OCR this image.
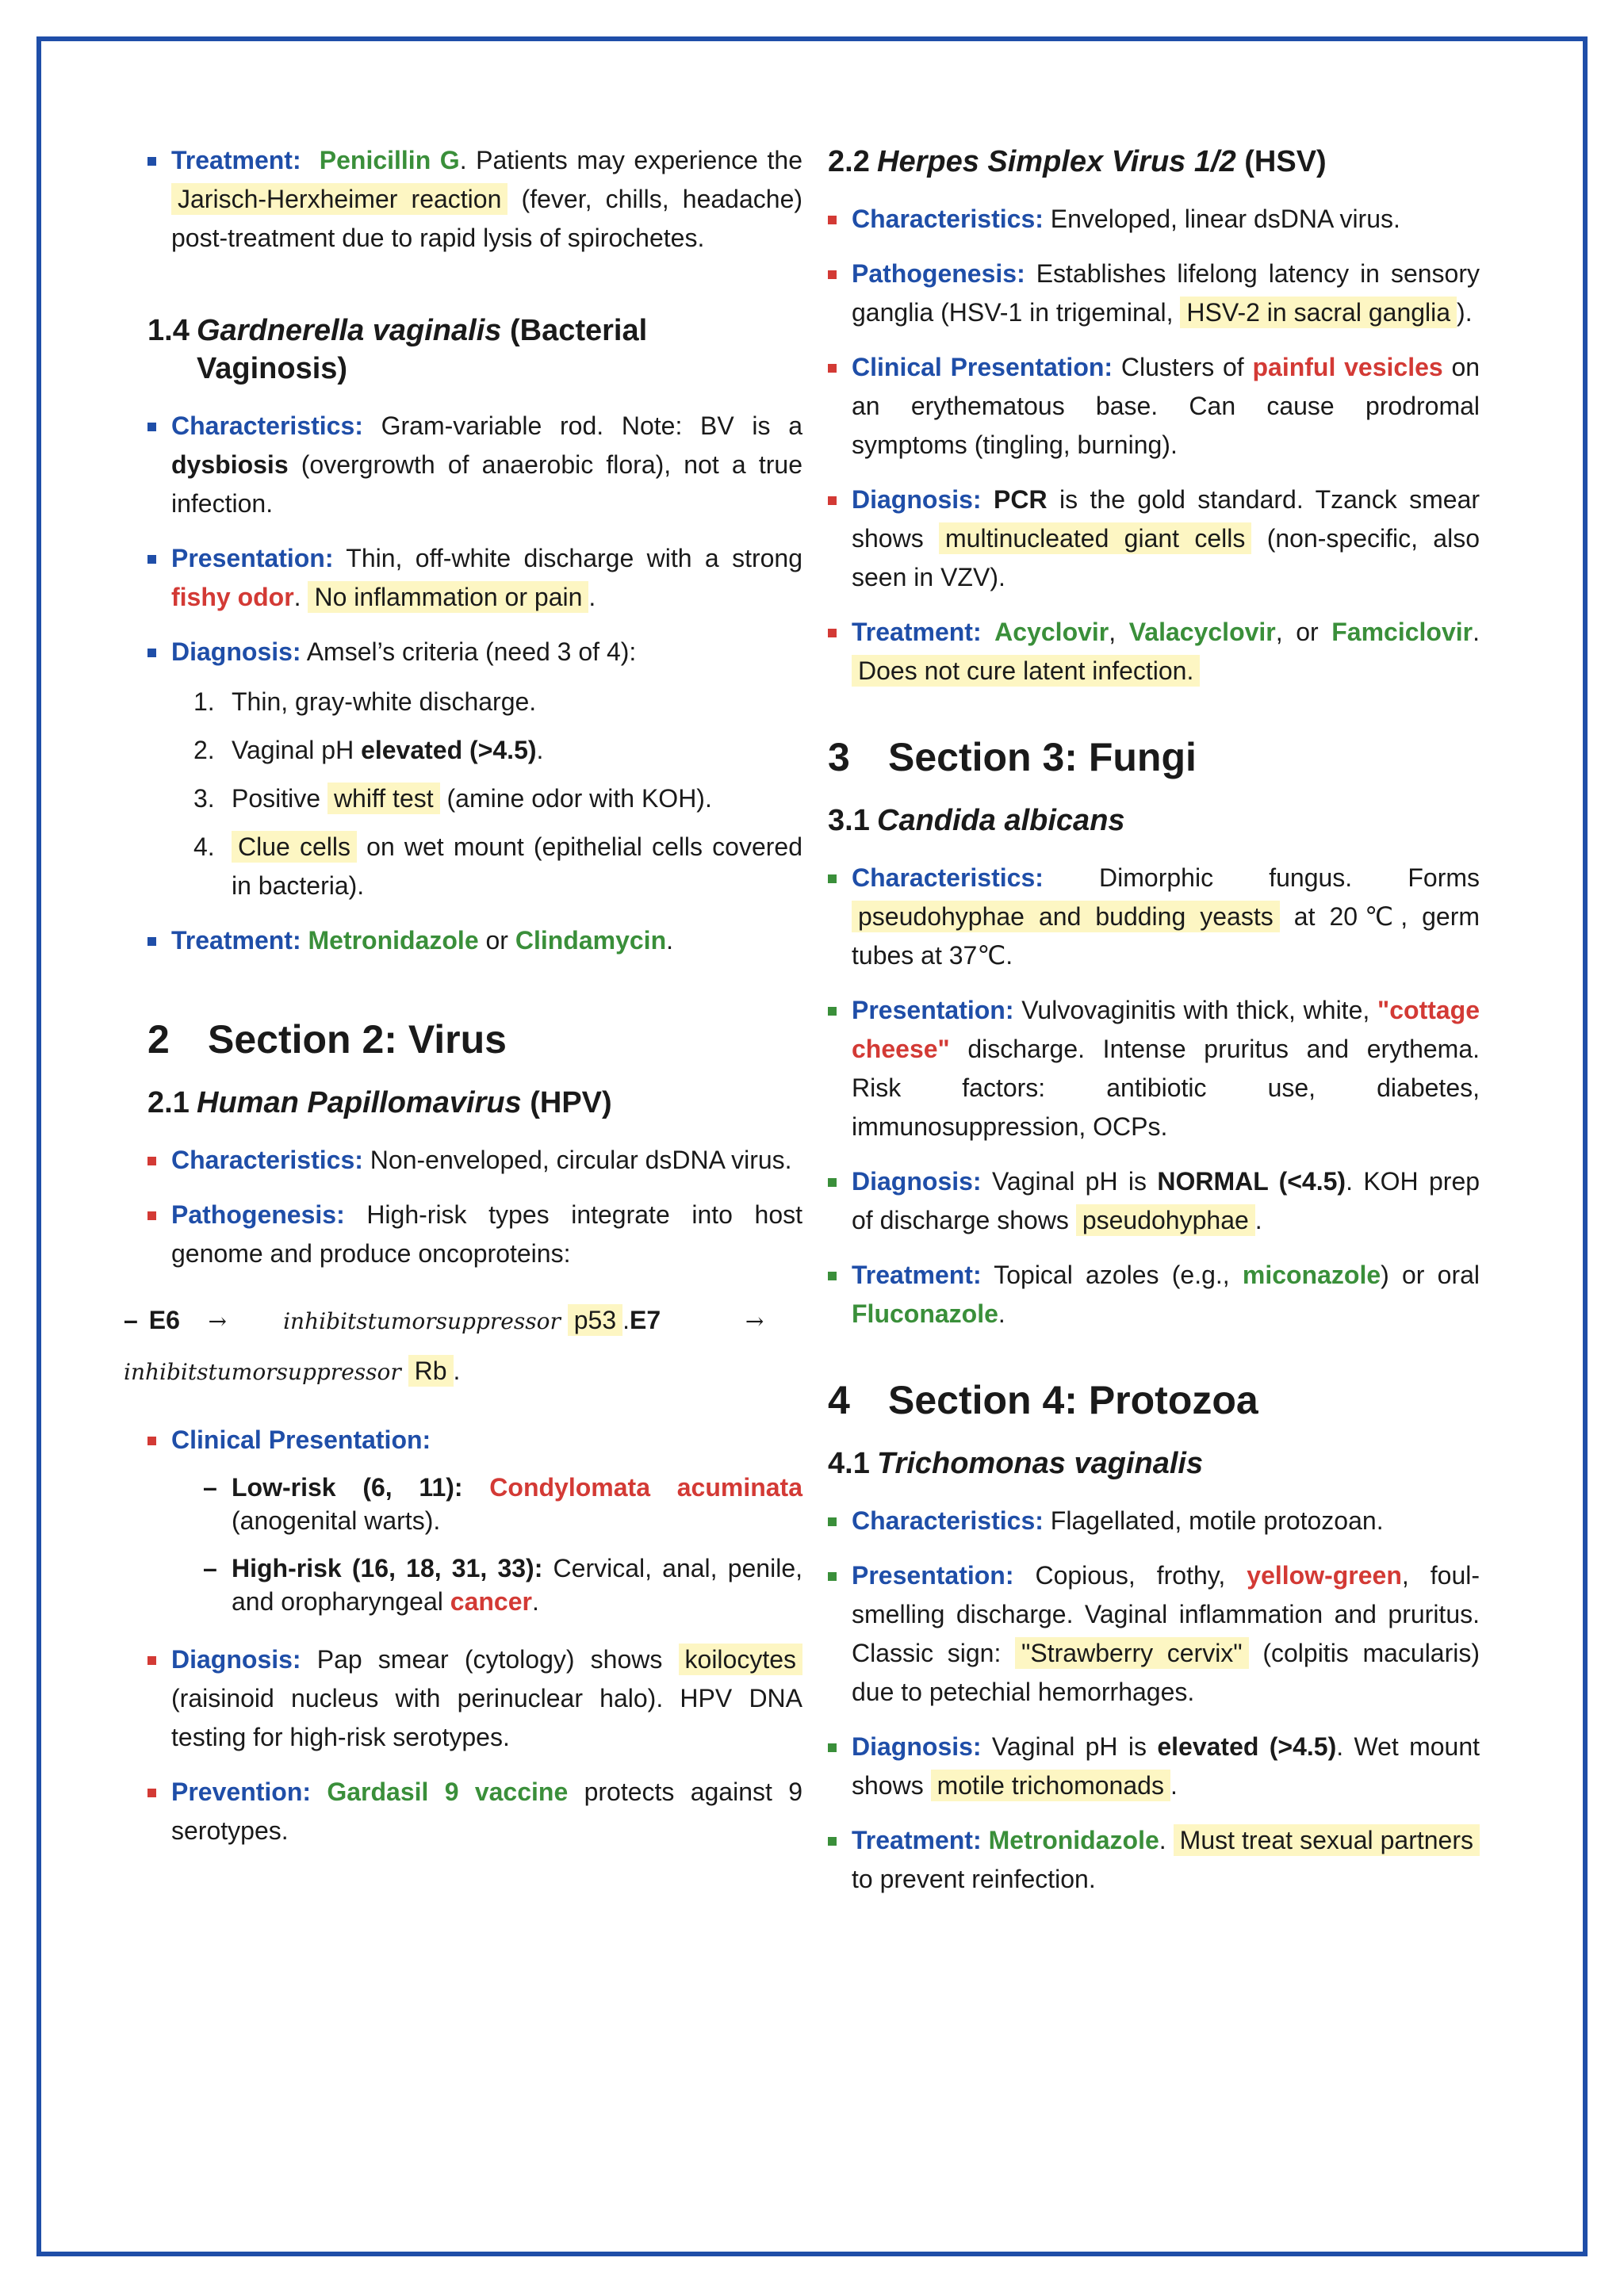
Treatment: Penicillin G. Patients may experience the Jarisch-Herxheimer reaction (fever, chills, headache) post-treatment due to rapid lysis of spirochetes.
1.4 Gardnerella vaginalis (Bacterial Vaginosis)
Characteristics: Gram-variable rod. Note: BV is a dysbiosis (overgrowth of anaerobic flora), not a true infection.
Presentation: Thin, off-white discharge with a strong fishy odor. No inflammation or pain .
Diagnosis: Amsel’s criteria (need 3 of 4):
1. Thin, gray-white discharge.
2. Vaginal pH elevated (>4.5).
3. Positive whiff test (amine odor with KOH).
4. Clue cells on wet mount (epithelial cells covered in bacteria).
Treatment: Metronidazole or Clindamycin.
2 Section 2: Virus
2.1 Human Papillomavirus (HPV)
Characteristics: Non-enveloped, circular dsDNA virus.
Pathogenesis: High-risk types integrate into host genome and produce oncoproteins:
– E6 →	inhibitstumorsuppressor p53 .E7	→
inhibitstumorsuppressor Rb .
Clinical Presentation:
– Low-risk (6, 11): Condylomata acuminata (anogenital warts).
– High-risk (16, 18, 31, 33): Cervical, anal, penile, and oropharyngeal cancer.
Diagnosis: Pap smear (cytology) shows koilocytes (raisinoid nucleus with perinuclear halo). HPV DNA testing for high-risk serotypes.
Prevention: Gardasil 9 vaccine protects against 9 serotypes.
2.2 Herpes Simplex Virus 1/2 (HSV)
Characteristics: Enveloped, linear dsDNA virus.
Pathogenesis: Establishes lifelong latency in sensory ganglia (HSV-1 in trigeminal, HSV-2 in sacral ganglia ).
Clinical Presentation: Clusters of painful vesicles on an erythematous base. Can cause prodromal symptoms (tingling, burning).
Diagnosis: PCR is the gold standard. Tzanck smear shows multinucleated giant cells (non-specific, also seen in VZV).
Treatment: Acyclovir, Valacyclovir, or Famciclovir. Does not cure latent infection.
3 Section 3: Fungi
3.1 Candida albicans
Characteristics: Dimorphic fungus. Forms pseudohyphae and budding yeasts at 20℃, germ tubes at 37℃.
Presentation: Vulvovaginitis with thick, white, "cottage cheese" discharge. Intense pruritus and erythema. Risk factors: antibiotic use, diabetes, immunosuppression, OCPs.
Diagnosis: Vaginal pH is NORMAL (<4.5). KOH prep of discharge shows pseudohyphae .
Treatment: Topical azoles (e.g., miconazole) or oral Fluconazole.
4 Section 4: Protozoa
4.1 Trichomonas vaginalis
Characteristics: Flagellated, motile protozoan.
Presentation: Copious, frothy, yellow-green, foul-smelling discharge. Vaginal inflammation and pruritus. Classic sign: "Strawberry cervix" (colpitis macularis) due to petechial hemorrhages.
Diagnosis: Vaginal pH is elevated (>4.5). Wet mount shows motile trichomonads .
Treatment: Metronidazole. Must treat sexual partners to prevent reinfection.
